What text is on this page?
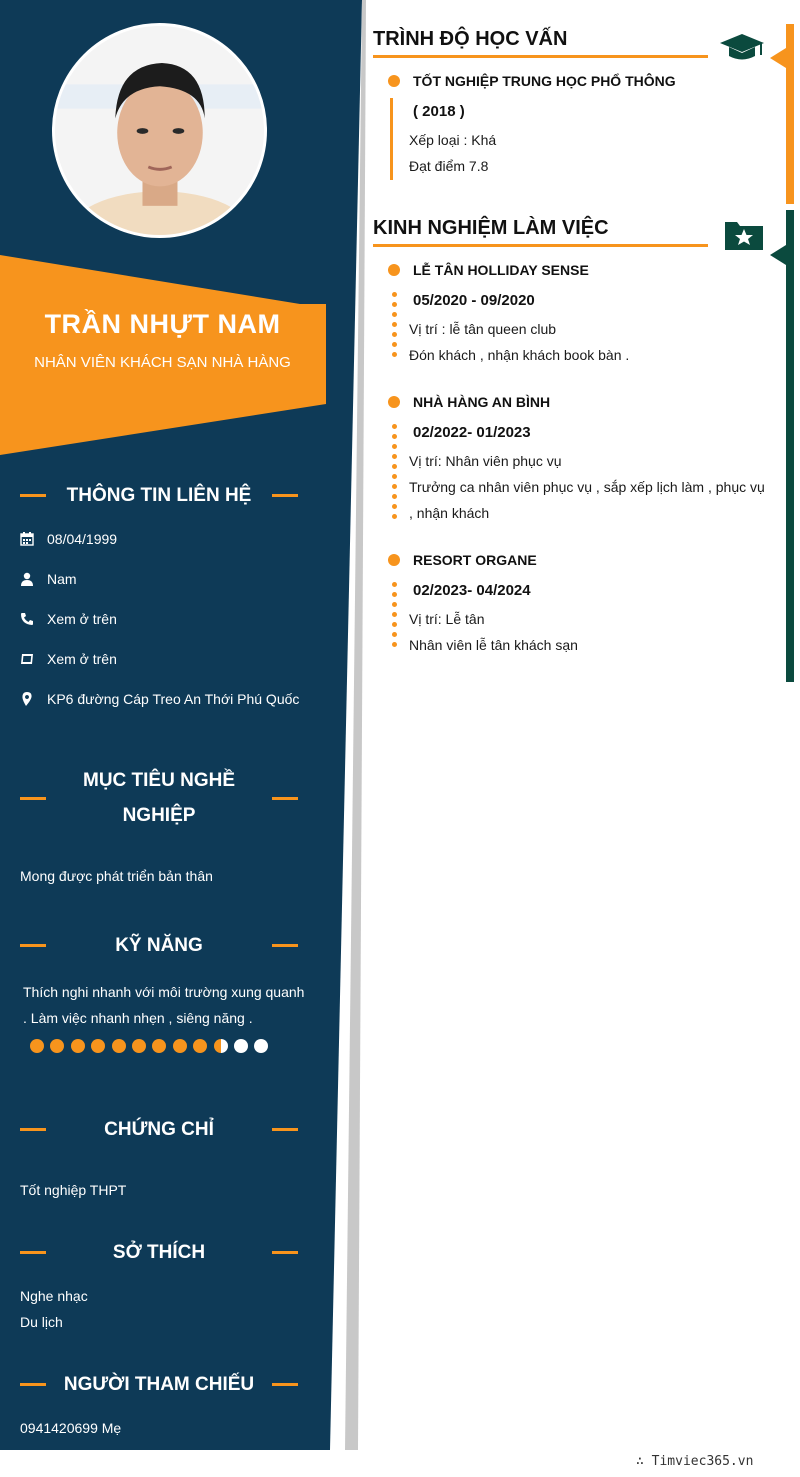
TRẦN NHỰT NAM
NHÂN VIÊN KHÁCH SẠN NHÀ HÀNG
THÔNG TIN LIÊN HỆ
08/04/1999
Nam
Xem ở trên
Xem ở trên
KP6 đường Cáp Treo An Thới Phú Quốc
MỤC TIÊU NGHỀ
NGHIỆP
Mong được phát triển bản thân
KỸ NĂNG
Thích nghi nhanh với môi trường xung quanh
. Làm việc nhanh nhẹn , siêng năng .
CHỨNG CHỈ
Tốt nghiệp THPT
SỞ THÍCH
Nghe nhạc
Du lịch
NGƯỜI THAM CHIẾU
0941420699 Mẹ
TRÌNH ĐỘ HỌC VẤN
TỐT NGHIỆP TRUNG HỌC PHỔ THÔNG
( 2018 )
Xếp loại : Khá
Đạt điểm 7.8
KINH NGHIỆM LÀM VIỆC
LỄ TÂN HOLLIDAY SENSE
05/2020 - 09/2020
Vị trí : lễ tân queen club
Đón khách , nhận khách book bàn .
NHÀ HÀNG AN BÌNH
02/2022- 01/2023
Vị trí: Nhân viên phục vụ
Trưởng ca nhân viên phục vụ , sắp xếp lịch làm , phục vụ
, nhận khách
RESORT ORGANE
02/2023- 04/2024
Vị trí: Lễ tân
Nhân viên lễ tân khách sạn
∴ Timviec365.vn
